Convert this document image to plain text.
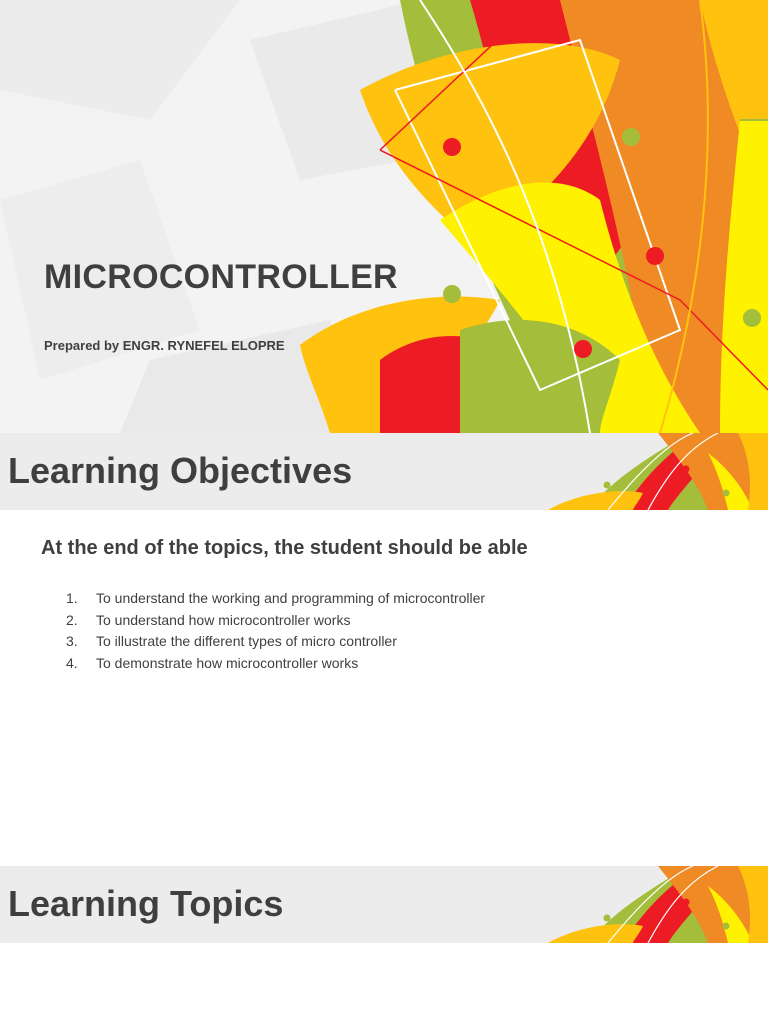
MICROCONTROLLER
Prepared by ENGR. RYNEFEL ELOPRE
Learning Objectives
At the end of the topics, the student should be able
1. To understand the working and programming of microcontroller
2. To understand how microcontroller works
3. To illustrate the different types of micro controller
4. To demonstrate how microcontroller works
Learning Topics
